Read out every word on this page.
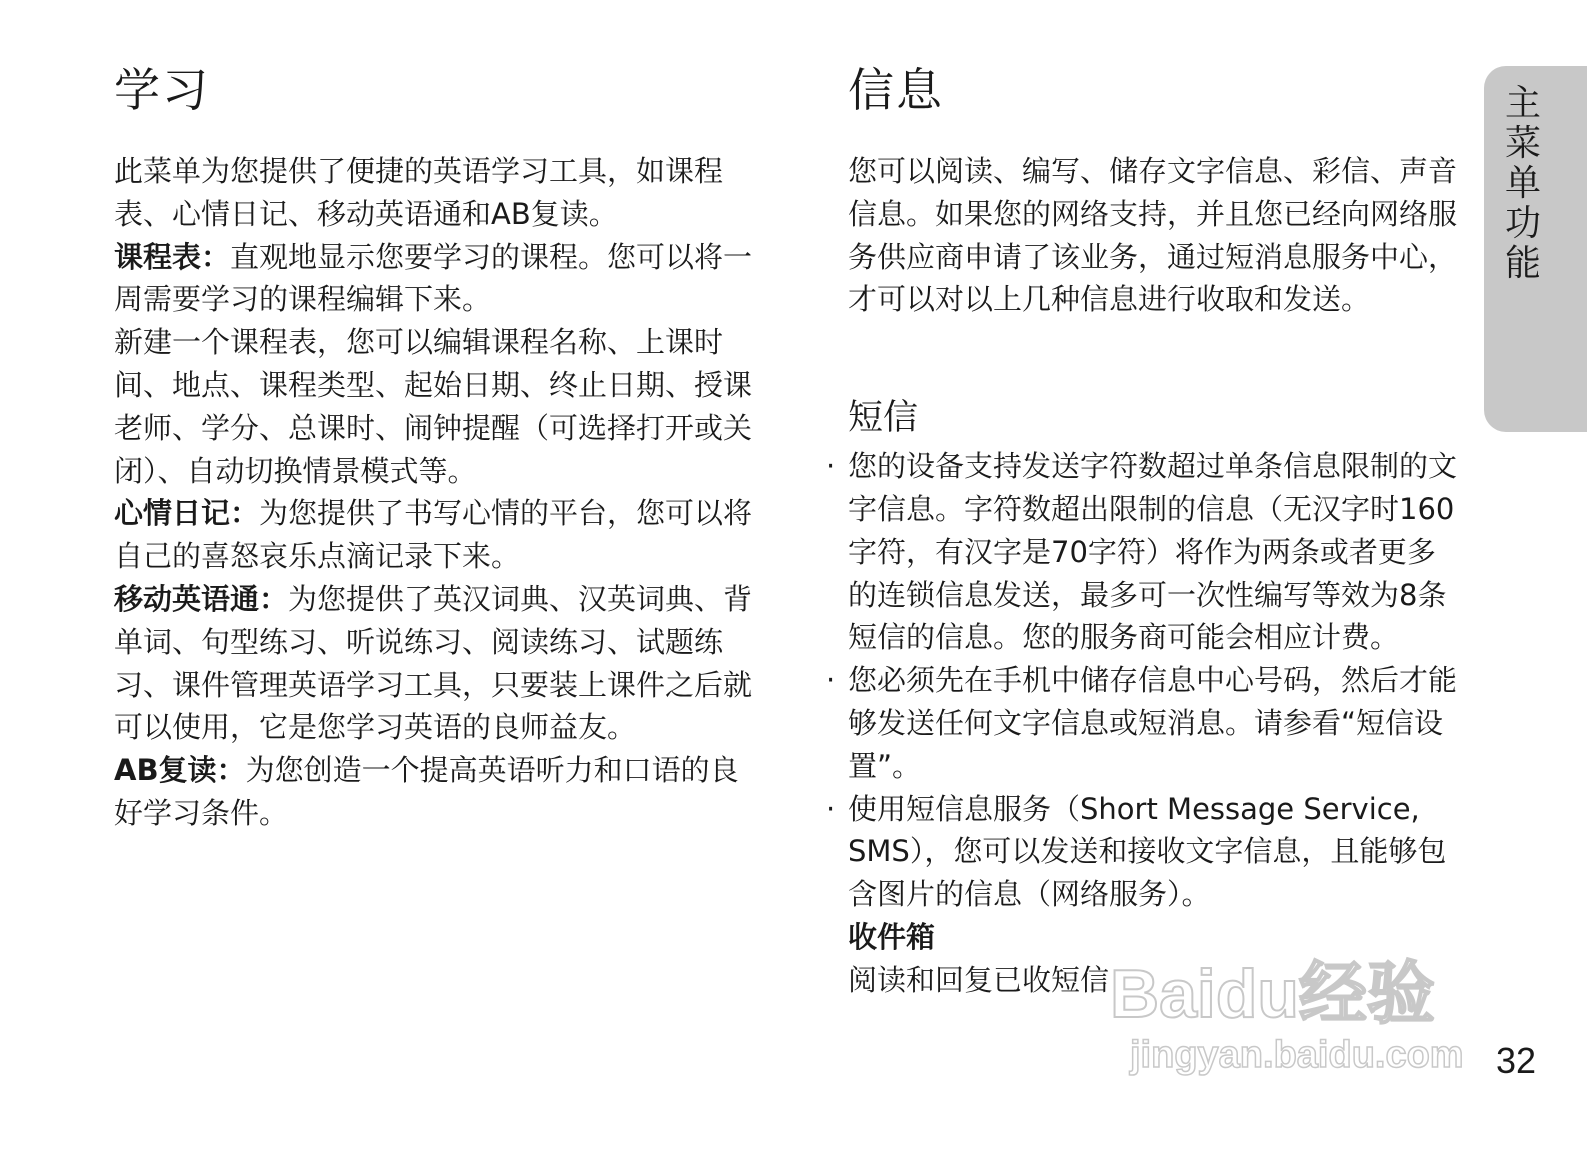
学习

此菜单为您提供了便捷的英语学习工具，如课程表、心情日记、移动英语通和AB复读。

课程表：直观地显示您要学习的课程。您可以将一周需要学习的课程编辑下来。

新建一个课程表，您可以编辑课程名称、上课时间、地点、课程类型、起始日期、终止日期、授课老师、学分、总课时、闹钟提醒（可选择打开或关闭）、自动切换情景模式等。

心情日记：为您提供了书写心情的平台，您可以将自己的喜怒哀乐点滴记录下来。

移动英语通：为您提供了英汉词典、汉英词典、背单词、句型练习、听说练习、阅读练习、试题练习、课件管理英语学习工具，只要装上课件之后就可以使用，它是您学习英语的良师益友。

AB复读：为您创造一个提高英语听力和口语的良好学习条件。

信息

您可以阅读、编写、储存文字信息、彩信、声音信息。如果您的网络支持，并且您已经向网络服务供应商申请了该业务，通过短消息服务中心，才可以对以上几种信息进行收取和发送。

短信
· 您的设备支持发送字符数超过单条信息限制的文字信息。字符数超出限制的信息（无汉字时160字符，有汉字是70字符）将作为两条或者更多的连锁信息发送，最多可一次性编写等效为8条短信的信息。您的服务商可能会相应计费。
· 您必须先在手机中储存信息中心号码，然后才能够发送任何文字信息或短消息。请参看“短信设置”。
· 使用短信息服务（Short Message Service, SMS），您可以发送和接收文字信息，且能够包含图片的信息（网络服务）。
收件箱
阅读和回复已收短信
主菜单功能
32
Baidu经验
jingyan.baidu.com
